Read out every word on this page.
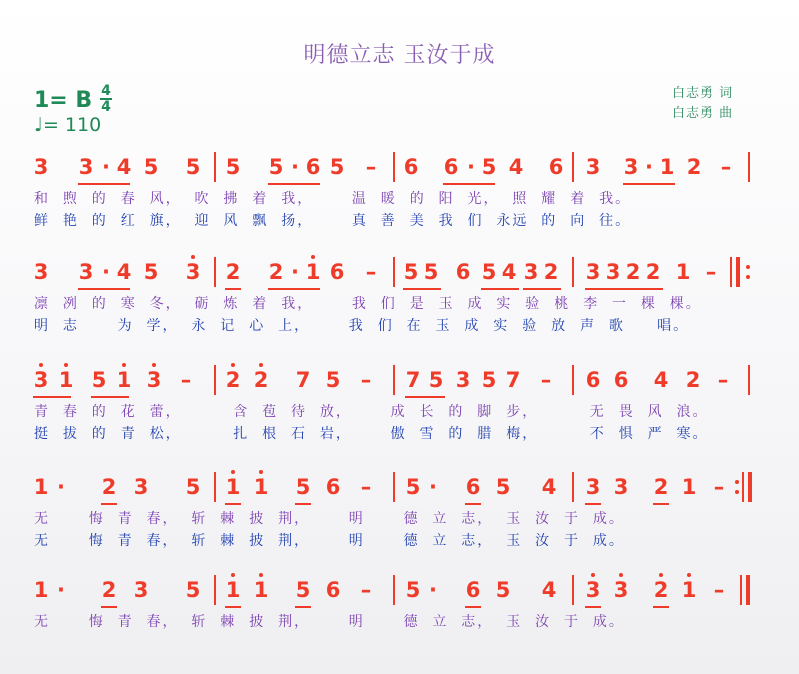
明德立志 玉汝于成
1= B 4
4
♩= 110
白志勇 词
白志勇 曲
3 3 · 4 5 5 5 5 · 6 5 – 6 6 · 5 4 6 3 3 · 1 2 –
和  煦  的  春  风，  吹  拂  着  我，      温  暖  的  阳  光，  照  耀  着  我。
鲜  艳  的  红  旗，  迎  风  飘  扬，      真  善  美  我  们  永远  的  向  往。
3 3 · 4 5 3 2 2 · 1 6 – 5 5 6 5 4 3 2 3 3 2 2 1 –
凛  冽  的  寒  冬，  砺  炼  着  我，      我  们  是  玉  成  实  验  桃  李  一  棵  棵。
明  志      为  学，  永  记  心  上，      我  们  在  玉  成  实  验  放  声  歌     唱。
3 1 5 1 3 – 2 2 7 5 – 7 5 3 5 7 – 6 6 4 2 –
青  春  的  花  蕾，        含  苞  待  放，      成  长  的  脚  步，        无  畏  风  浪。
挺  拔  的  青  松，        扎  根  石  岩，      傲  雪  的  腊  梅，        不  惧  严  寒。
1 ·	2 3 5 1 1 5 6 – 5 ·	6 5 4 3 3 2 1 –
无      悔  青  春，  斩  棘  披  荆，      明      德  立  志，  玉  汝  于  成。
无      悔  青  春，  斩  棘  披  荆，      明      德  立  志，  玉  汝  于  成。
1 ·	2 3 5 1 1 5 6 – 5 ·	6 5 4 3 3 2 1 –
无      悔  青  春，  斩  棘  披  荆，      明      德  立  志，  玉  汝  于  成。
